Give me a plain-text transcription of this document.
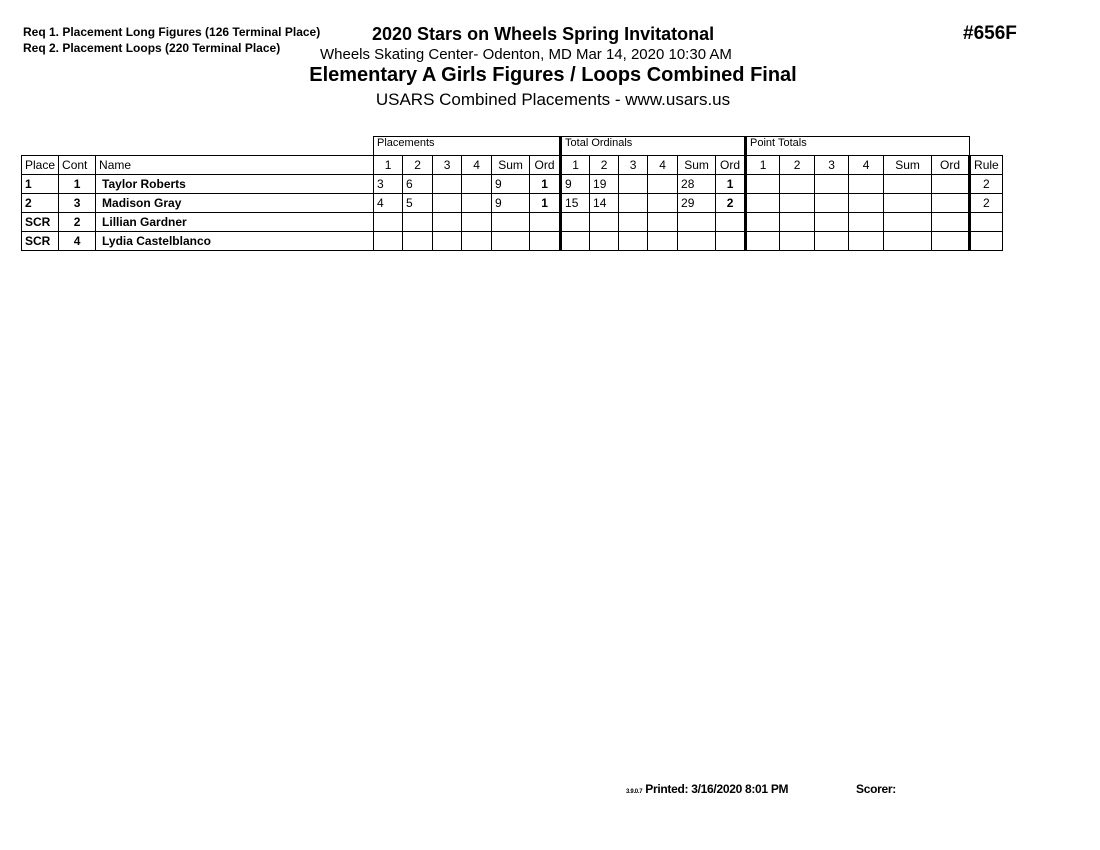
Req 1. Placement Long Figures (126 Terminal Place)
Req 2. Placement Loops (220 Terminal Place)
2020 Stars on Wheels Spring Invitatonal
Wheels Skating Center- Odenton, MD Mar 14, 2020 10:30 AM
Elementary A Girls Figures / Loops Combined Final
USARS Combined Placements - www.usars.us
#656F
			Placements						Total Ordinals						Point Totals						
Place	Cont	Name	1	2	3	4	Sum	Ord	1	2	3	4	Sum	Ord	1	2	3	4	Sum	Ord	Rule
1	1	Taylor Roberts	3	6			9	1	9	19			28	1							2
2	3	Madison Gray	4	5			9	1	15	14			29	2							2
SCR	2	Lillian Gardner																			
SCR	4	Lydia Castelblanco																			
3.9.0.7 Printed: 3/16/2020 8:01 PM	Scorer:
